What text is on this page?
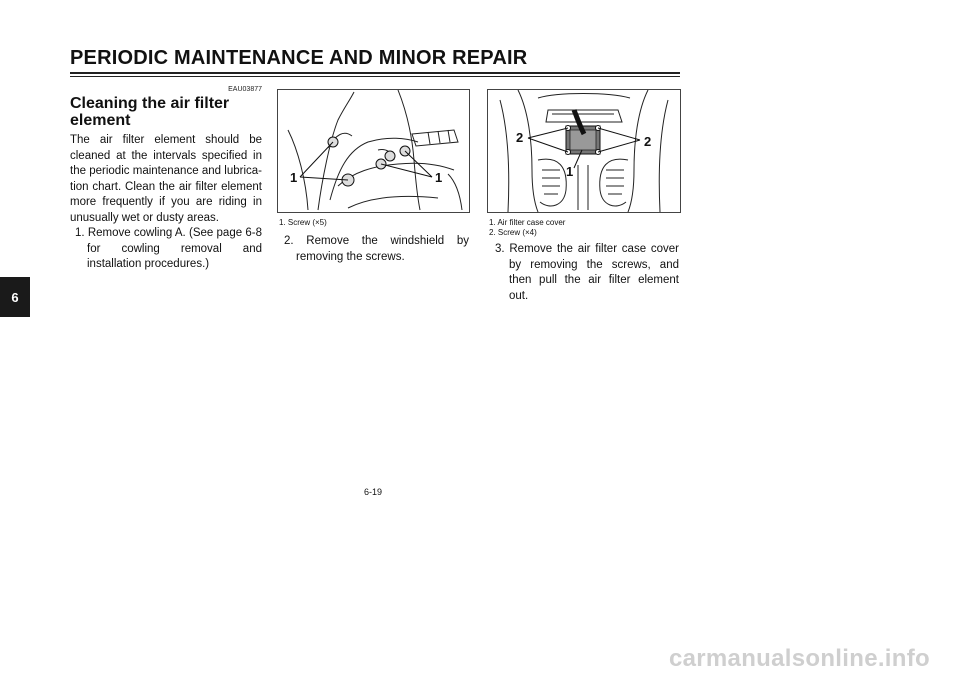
PERIODIC MAINTENANCE AND MINOR REPAIR
6
EAU03877
Cleaning the air filter
element

The air filter element should be cleaned at the intervals specified in the periodic maintenance and lubrica-tion chart. Clean the air filter element more frequently if you are riding in unusually wet or dusty areas.

1. Remove cowling A. (See page 6-8 for cowling removal and installation procedures.)

1	1
2	2
1
1. Screw (×5)	1. Air filter case cover
2. Screw (×4)

2. Remove the windshield by removing the screws.

3. Remove the air filter case cover by removing the screws, and then pull the air filter element out.

6-19
carmanualsonline.info
